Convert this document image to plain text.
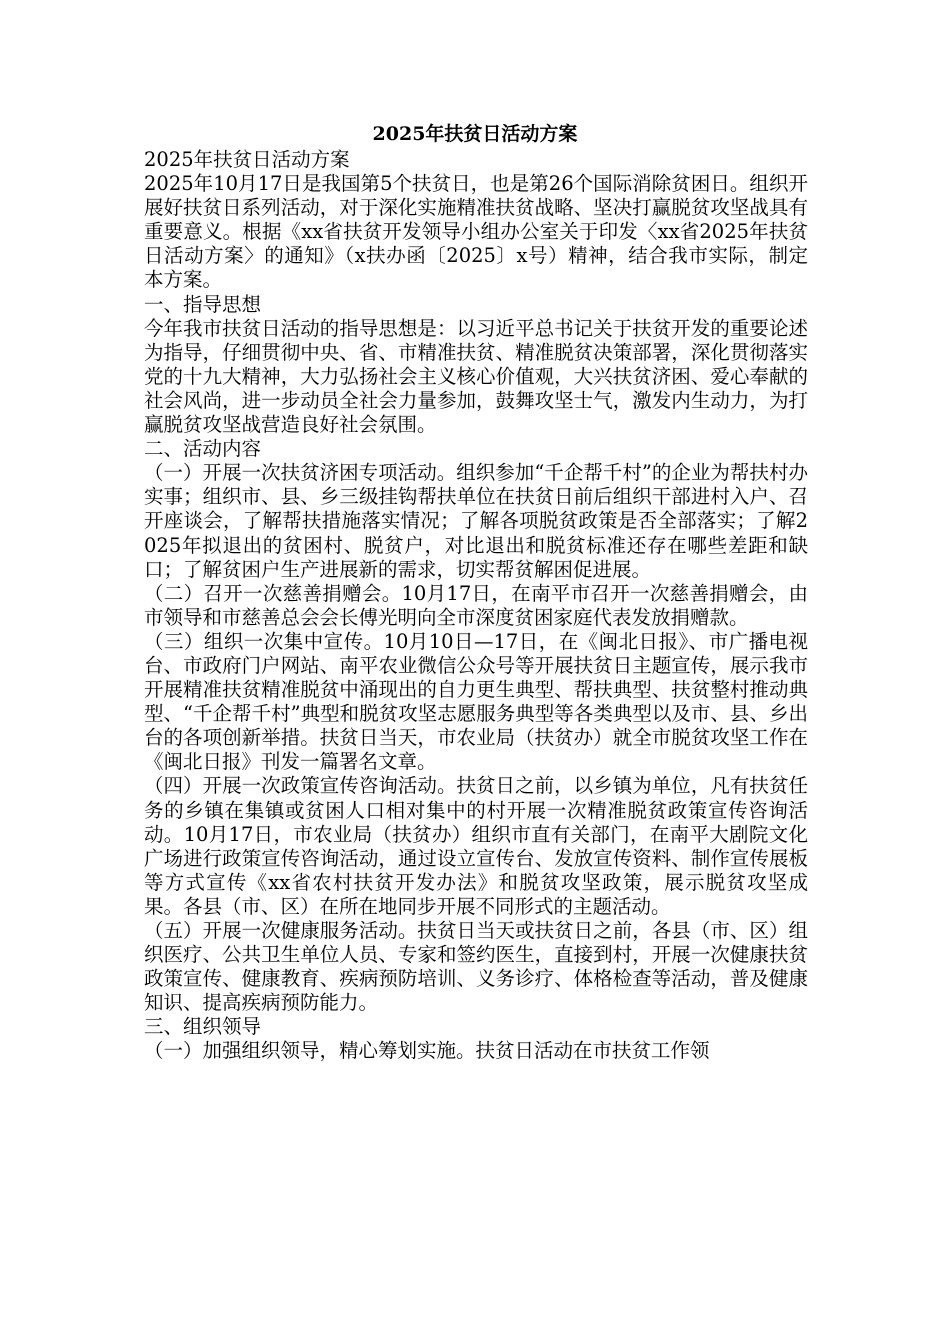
2025年扶贫日活动方案

2025年扶贫日活动方案

2025年10月17日是我国第5个扶贫日，也是第26个国际消除贫困日。组织开展好扶贫日系列活动，对于深化实施精准扶贫战略、坚决打赢脱贫攻坚战具有重要意义。根据《xx省扶贫开发领导小组办公室关于印发〈xx省2025年扶贫日活动方案〉的通知》（x扶办函〔2025〕x号）精神，结合我市实际，制定本方案。

一、指导思想

今年我市扶贫日活动的指导思想是：以习近平总书记关于扶贫开发的重要论述为指导，仔细贯彻中央、省、市精准扶贫、精准脱贫决策部署，深化贯彻落实党的十九大精神，大力弘扬社会主义核心价值观，大兴扶贫济困、爱心奉献的社会风尚，进一步动员全社会力量参加，鼓舞攻坚士气，激发内生动力，为打赢脱贫攻坚战营造良好社会氛围。

二、活动内容

（一）开展一次扶贫济困专项活动。组织参加“千企帮千村”的企业为帮扶村办实事；组织市、县、乡三级挂钩帮扶单位在扶贫日前后组织干部进村入户、召开座谈会，了解帮扶措施落实情况；了解各项脱贫政策是否全部落实；了解2025年拟退出的贫困村、脱贫户，对比退出和脱贫标准还存在哪些差距和缺口；了解贫困户生产进展新的需求，切实帮贫解困促进展。

（二）召开一次慈善捐赠会。10月17日，在南平市召开一次慈善捐赠会，由市领导和市慈善总会会长傅光明向全市深度贫困家庭代表发放捐赠款。

（三）组织一次集中宣传。10月10日—17日，在《闽北日报》、市广播电视台、市政府门户网站、南平农业微信公众号等开展扶贫日主题宣传，展示我市开展精准扶贫精准脱贫中涌现出的自力更生典型、帮扶典型、扶贫整村推动典型、“千企帮千村”典型和脱贫攻坚志愿服务典型等各类典型以及市、县、乡出台的各项创新举措。扶贫日当天，市农业局（扶贫办）就全市脱贫攻坚工作在《闽北日报》刊发一篇署名文章。

（四）开展一次政策宣传咨询活动。扶贫日之前，以乡镇为单位，凡有扶贫任务的乡镇在集镇或贫困人口相对集中的村开展一次精准脱贫政策宣传咨询活动。10月17日，市农业局（扶贫办）组织市直有关部门，在南平大剧院文化广场进行政策宣传咨询活动，通过设立宣传台、发放宣传资料、制作宣传展板等方式宣传《xx省农村扶贫开发办法》和脱贫攻坚政策，展示脱贫攻坚成果。各县（市、区）在所在地同步开展不同形式的主题活动。

（五）开展一次健康服务活动。扶贫日当天或扶贫日之前，各县（市、区）组织医疗、公共卫生单位人员、专家和签约医生，直接到村，开展一次健康扶贫政策宣传、健康教育、疾病预防培训、义务诊疗、体格检查等活动，普及健康知识、提高疾病预防能力。

三、组织领导

（一）加强组织领导，精心筹划实施。扶贫日活动在市扶贫工作领
